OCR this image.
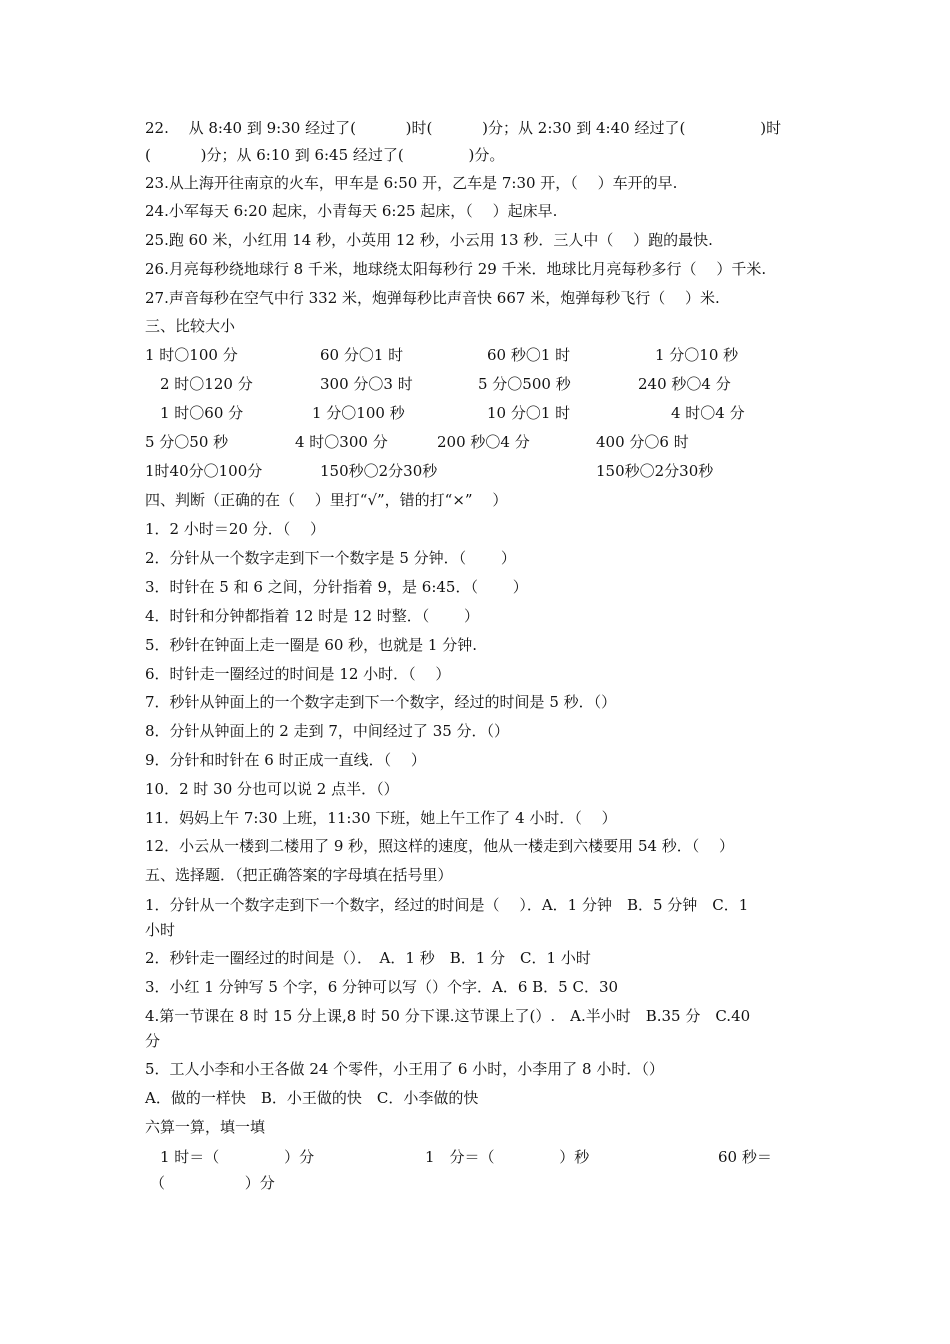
22.　 从 8:40 到 9:30 经过了(　　　 )时(　　　 )分；从 2:30 到 4:40 经过了(　　　　　)时
(　　　 )分；从 6:10 到 6:45 经过了(　　　　 )分。
23.从上海开往南京的火车，甲车是 6:50 开，乙车是 7:30 开，（　 ）车开的早.
24.小军每天 6:20 起床，小青每天 6:25 起床，（　 ）起床早.
25.跑 60 米，小红用 14 秒，小英用 12 秒，小云用 13 秒．三人中（　 ）跑的最快.
26.月亮每秒绕地球行 8 千米，地球绕太阳每秒行 29 千米．地球比月亮每秒多行（　 ）千米.
27.声音每秒在空气中行 332 米，炮弹每秒比声音快 667 米，炮弹每秒飞行（　 ）米.
三、比较大小
1 时〇100 分	60 分〇1 时	60 秒〇1 时	1 分〇10 秒
2 时〇120 分	300 分〇3 时	5 分〇500 秒	240 秒〇4 分
1 时〇60 分	1 分〇100 秒	10 分〇1 时	4 时〇4 分
5 分〇50 秒	4 时〇300 分	200 秒〇4 分	400 分〇6 时
1时40分〇100分	150秒〇2分30秒	150秒〇2分30秒
四、判断（正确的在（　 ）里打“√”，错的打“×”　 ）
1．2 小时＝20 分．（　 ）
2．分针从一个数字走到下一个数字是 5 分钟．（　　 ）
3．时针在 5 和 6 之间，分针指着 9，是 6:45．（　　 ）
4．时针和分钟都指着 12 时是 12 时整．（　　 ）
5．秒针在钟面上走一圈是 60 秒，也就是 1 分钟.
6．时针走一圈经过的时间是 12 小时．（　 ）
7．秒针从钟面上的一个数字走到下一个数字，经过的时间是 5 秒．（）
8．分针从钟面上的 2 走到 7，中间经过了 35 分．（）
9．分针和时针在 6 时正成一直线．（　 ）
10．2 时 30 分也可以说 2 点半．（）
11．妈妈上午 7:30 上班，11:30 下班，她上午工作了 4 小时．（　 ）
12．小云从一楼到二楼用了 9 秒，照这样的速度，他从一楼走到六楼要用 54 秒．（　 ）
五、选择题．（把正确答案的字母填在括号里）
1．分针从一个数字走到下一个数字，经过的时间是（　 ）．A．1 分钟　B．5 分钟　C．1
小时
2．秒针走一圈经过的时间是（）．　A．1 秒　B．1 分　C．1 小时
3．小红 1 分钟写 5 个字，6 分钟可以写（）个字．A．6 B．5 C．30
4.第一节课在 8 时 15 分上课,8 时 50 分下课.这节课上了(）.　A.半小时　B.35 分　C.40
分
5．工人小李和小王各做 24 个零件，小王用了 6 小时，小李用了 8 小时．（）
A．做的一样快　B．小王做的快　C．小李做的快
六算一算，填一填
1 时＝（　　　　 ）分	1　分＝（　　　　 ）秒	60 秒＝
（　　　　　 ）分
